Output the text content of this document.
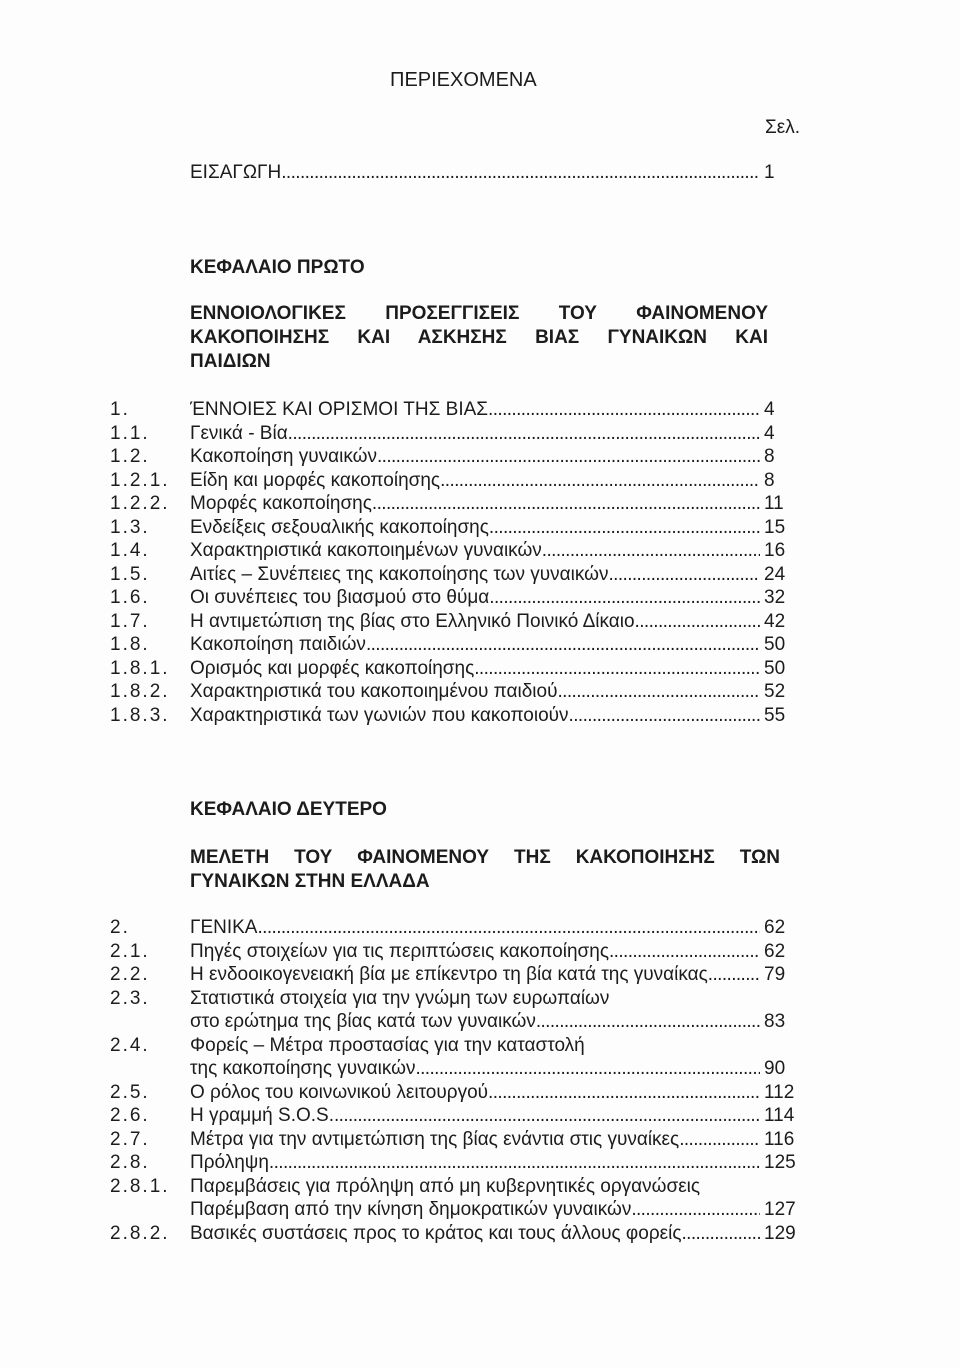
ΠΕΡΙΕΧΟΜΕΝΑ
Σελ.
ΕΙΣΑΓΩΓΗ .....	1
ΚΕΦΑΛΑΙΟ ΠΡΩΤΟ
ΕΝΝΟΙΟΛΟΓΙΚΕΣ ΠΡΟΣΕΓΓΙΣΕΙΣ ΤΟΥ ΦΑΙΝΟΜΕΝΟΥ
ΚΑΚΟΠΟΙΗΣΗΣ ΚΑΙ ΑΣΚΗΣΗΣ ΒΙΑΣ ΓΥΝΑΙΚΩΝ ΚΑΙ
ΠΑΙΔΙΩΝ
1.	ΈΝΝΟΙΕΣ ΚΑΙ ΟΡΙΣΜΟΙ ΤΗΣ ΒΙΑΣ .....	4
1.1. Γενικά - Βία .....	4
1.2. Κακοποίηση γυναικών .....	8
1.2.1. Είδη και μορφές κακοποίησης .....	8
1.2.2. Μορφές κακοποίησης .....	11
1.3. Ενδείξεις σεξουαλικής κακοποίησης .....	15
1.4. Χαρακτηριστικά κακοποιημένων γυναικών .....	16
1.5. Αιτίες – Συνέπειες της κακοποίησης των γυναικών .....	24
1.6. Οι συνέπειες του βιασμού στο θύμα .....	32
1.7. Η αντιμετώπιση της βίας στο Ελληνικό Ποινικό Δίκαιο .....	42
1.8. Κακοποίηση παιδιών .....	50
1.8.1. Ορισμός και μορφές κακοποίησης .....	50
1.8.2. Χαρακτηριστικά του κακοποιημένου παιδιού .....	52
1.8.3. Χαρακτηριστικά των γωνιών που κακοποιούν .....	55
ΚΕΦΑΛΑΙΟ ΔΕΥΤΕΡΟ
ΜΕΛΕΤΗ ΤΟΥ ΦΑΙΝΟΜΕΝΟΥ ΤΗΣ ΚΑΚΟΠΟΙΗΣΗΣ ΤΩΝ
ΓΥΝΑΙΚΩΝ ΣΤΗΝ ΕΛΛΑΔΑ
2.	ΓΕΝΙΚΑ .....	62
2.1. Πηγές στοιχείων για τις περιπτώσεις κακοποίησης .....	62
2.2. Η ενδοοικογενειακή βία με επίκεντρο τη βία κατά της γυναίκας .....	79
2.3. Στατιστικά στοιχεία για την γνώμη των ευρωπαίων
στο ερώτημα της βίας κατά των γυναικών .....	83
2.4. Φορείς – Μέτρα προστασίας για την καταστολή
της κακοποίησης γυναικών .....	90
2.5. Ο ρόλος του κοινωνικού λειτουργού .....	112
2.6. Η γραμμή S.O.S. .....	114
2.7. Μέτρα για την αντιμετώπιση της βίας ενάντια στις γυναίκες .....	116
2.8. Πρόληψη .....	125
2.8.1. Παρεμβάσεις για πρόληψη από μη κυβερνητικές οργανώσεις
Παρέμβαση από την κίνηση δημοκρατικών γυναικών .....	127
2.8.2. Βασικές συστάσεις προς το κράτος και τους άλλους φορείς .....	129
